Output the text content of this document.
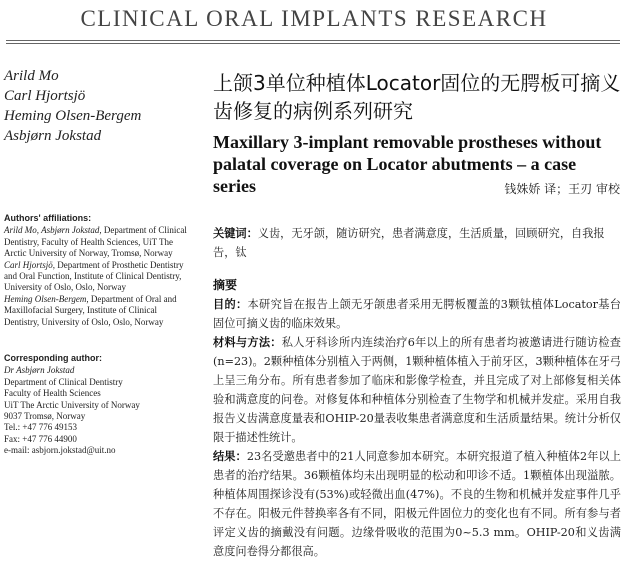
CLINICAL ORAL IMPLANTS RESEARCH
Arild Mo
Carl Hjortsjö
Heming Olsen-Bergem
Asbjørn Jokstad
Authors' affiliations:
Arild Mo, Asbjørn Jokstad, Department of Clinical Dentistry, Faculty of Health Sciences, UiT The Arctic University of Norway, Tromsø, Norway
Carl Hjortsjö, Department of Prosthetic Dentistry and Oral Function, Institute of Clinical Dentistry, University of Oslo, Oslo, Norway
Heming Olsen-Bergem, Department of Oral and Maxillofacial Surgery, Institute of Clinical Dentistry, University of Oslo, Oslo, Norway
Corresponding author:
Dr Asbjørn Jokstad
Department of Clinical Dentistry
Faculty of Health Sciences
UiT The Arctic University of Norway
9037 Tromsø, Norway
Tel.: +47 776 49153
Fax: +47 776 44900
e-mail: asbjorn.jokstad@uit.no
上颌3单位种植体Locator固位的无腭板可摘义齿修复的病例系列研究
Maxillary 3-implant removable prostheses without palatal coverage on Locator abutments – a case series	钱姝娇 译；王刃 审校
关键词：义齿，无牙颌，随访研究，患者满意度，生活质量，回顾研究，自我报告，钛
摘要

目的：本研究旨在报告上颌无牙颌患者采用无腭板覆盖的3颗钛植体Locator基台固位可摘义齿的临床效果。

材料与方法：私人牙科诊所内连续治疗6年以上的所有患者均被邀请进行随访检查(n=23)。2颗种植体分别植入于两侧，1颗种植体植入于前牙区，3颗种植体在牙弓上呈三角分布。所有患者参加了临床和影像学检查，并且完成了对上部修复相关体验和满意度的问卷。对修复体和种植体分别检查了生物学和机械并发症。采用自我报告义齿满意度量表和OHIP-20量表收集患者满意度和生活质量结果。统计分析仅限于描述性统计。

结果：23名受邀患者中的21人同意参加本研究。本研究报道了植入种植体2年以上患者的治疗结果。36颗植体均未出现明显的松动和叩诊不适。1颗植体出现溢脓。种植体周围探诊没有(53%)或轻微出血(47%)。不良的生物和机械并发症事件几乎不存在。阳极元件替换率各有不同，阳极元件固位力的变化也有不同。所有参与者评定义齿的摘戴没有问题。边缘骨吸收的范围为0~5.3 mm。OHIP-20和义齿满意度问卷得分都很高。
